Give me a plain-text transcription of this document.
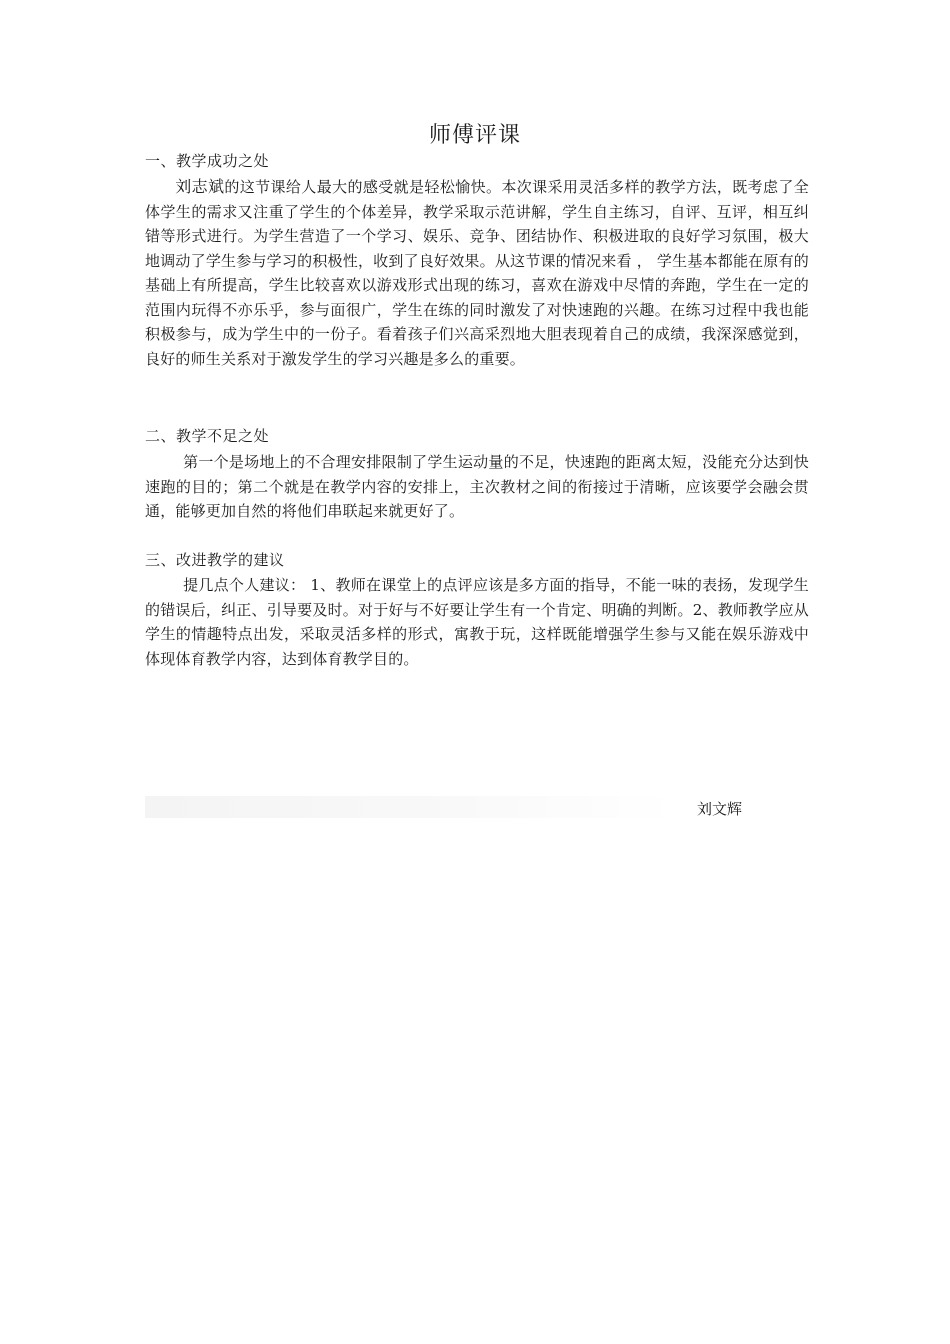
师傅评课
一、教学成功之处

刘志斌的这节课给人最大的感受就是轻松愉快。本次课采用灵活多样的教学方法，既考虑了全体学生的需求又注重了学生的个体差异，教学采取示范讲解，学生自主练习，自评、互评，相互纠错等形式进行。为学生营造了一个学习、娱乐、竞争、团结协作、积极进取的良好学习氛围，极大地调动了学生参与学习的积极性，收到了良好效果。从这节课的情况来看 ， 学生基本都能在原有的基础上有所提高，学生比较喜欢以游戏形式出现的练习，喜欢在游戏中尽情的奔跑，学生在一定的范围内玩得不亦乐乎，参与面很广，学生在练的同时激发了对快速跑的兴趣。在练习过程中我也能积极参与，成为学生中的一份子。看着孩子们兴高采烈地大胆表现着自己的成绩，我深深感觉到，良好的师生关系对于激发学生的学习兴趣是多么的重要。

二、教学不足之处

第一个是场地上的不合理安排限制了学生运动量的不足，快速跑的距离太短，没能充分达到快速跑的目的；第二个就是在教学内容的安排上，主次教材之间的衔接过于清晰，应该要学会融会贯通，能够更加自然的将他们串联起来就更好了。

三、改进教学的建议

提几点个人建议： 1、教师在课堂上的点评应该是多方面的指导，不能一味的表扬，发现学生的错误后，纠正、引导要及时。对于好与不好要让学生有一个肯定、明确的判断。2、教师教学应从学生的情趣特点出发，采取灵活多样的形式，寓教于玩，这样既能增强学生参与又能在娱乐游戏中体现体育教学内容，达到体育教学目的。

刘文辉
